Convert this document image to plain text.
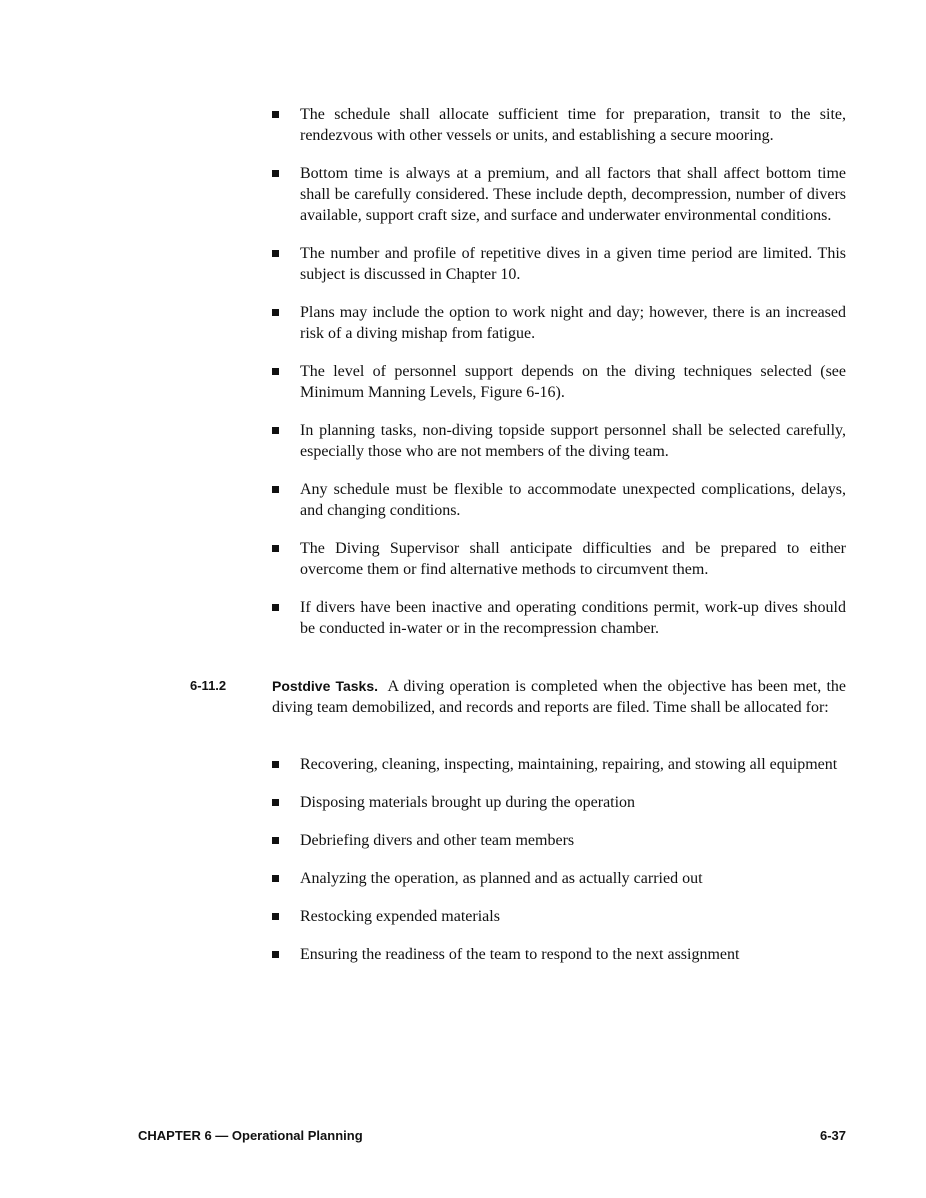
The schedule shall allocate sufficient time for preparation, transit to the site, rendezvous with other vessels or units, and establishing a secure mooring.
Bottom time is always at a premium, and all factors that shall affect bottom time shall be carefully considered. These include depth, decompression, number of divers available, support craft size, and surface and underwater environmental conditions.
The number and profile of repetitive dives in a given time period are limited. This subject is discussed in Chapter 10.
Plans may include the option to work night and day; however, there is an increased risk of a diving mishap from fatigue.
The level of personnel support depends on the diving techniques selected (see Minimum Manning Levels, Figure 6-16).
In planning tasks, non-diving topside support personnel shall be selected carefully, especially those who are not members of the diving team.
Any schedule must be flexible to accommodate unexpected complications, delays, and changing conditions.
The Diving Supervisor shall anticipate difficulties and be prepared to either overcome them or find alternative methods to circumvent them.
If divers have been inactive and operating conditions permit, work-up dives should be conducted in-water or in the recompression chamber.
6-11.2	Postdive Tasks. A diving operation is completed when the objective has been met, the diving team demobilized, and records and reports are filed. Time shall be allocated for:
Recovering, cleaning, inspecting, maintaining, repairing, and stowing all equipment
Disposing materials brought up during the operation
Debriefing divers and other team members
Analyzing the operation, as planned and as actually carried out
Restocking expended materials
Ensuring the readiness of the team to respond to the next assignment
CHAPTER 6 — Operational Planning	6-37
